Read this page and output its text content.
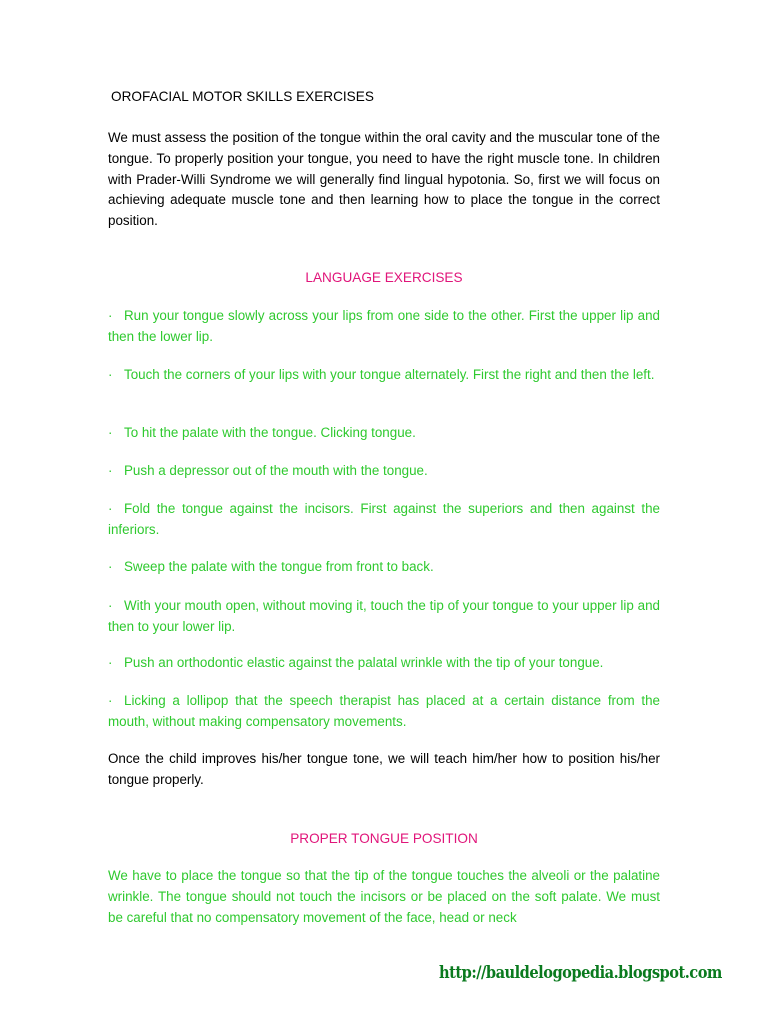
OROFACIAL MOTOR SKILLS EXERCISES

We must assess the position of the tongue within the oral cavity and the muscular tone of the tongue. To properly position your tongue, you need to have the right muscle tone. In children with Prader-Willi Syndrome we will generally find lingual hypotonia. So, first we will focus on achieving adequate muscle tone and then learning how to place the tongue in the correct position.

LANGUAGE EXERCISES

· Run your tongue slowly across your lips from one side to the other. First the upper lip and then the lower lip.

· Touch the corners of your lips with your tongue alternately. First the right and then the left.

· To hit the palate with the tongue. Clicking tongue.

· Push a depressor out of the mouth with the tongue.

· Fold the tongue against the incisors. First against the superiors and then against the inferiors.

· Sweep the palate with the tongue from front to back.

· With your mouth open, without moving it, touch the tip of your tongue to your upper lip and then to your lower lip.

· Push an orthodontic elastic against the palatal wrinkle with the tip of your tongue.

· Licking a lollipop that the speech therapist has placed at a certain distance from the mouth, without making compensatory movements.

Once the child improves his/her tongue tone, we will teach him/her how to position his/her tongue properly.

PROPER TONGUE POSITION

We have to place the tongue so that the tip of the tongue touches the alveoli or the palatine wrinkle. The tongue should not touch the incisors or be placed on the soft palate. We must be careful that no compensatory movement of the face, head or neck

http://bauldelogopedia.blogspot.com
